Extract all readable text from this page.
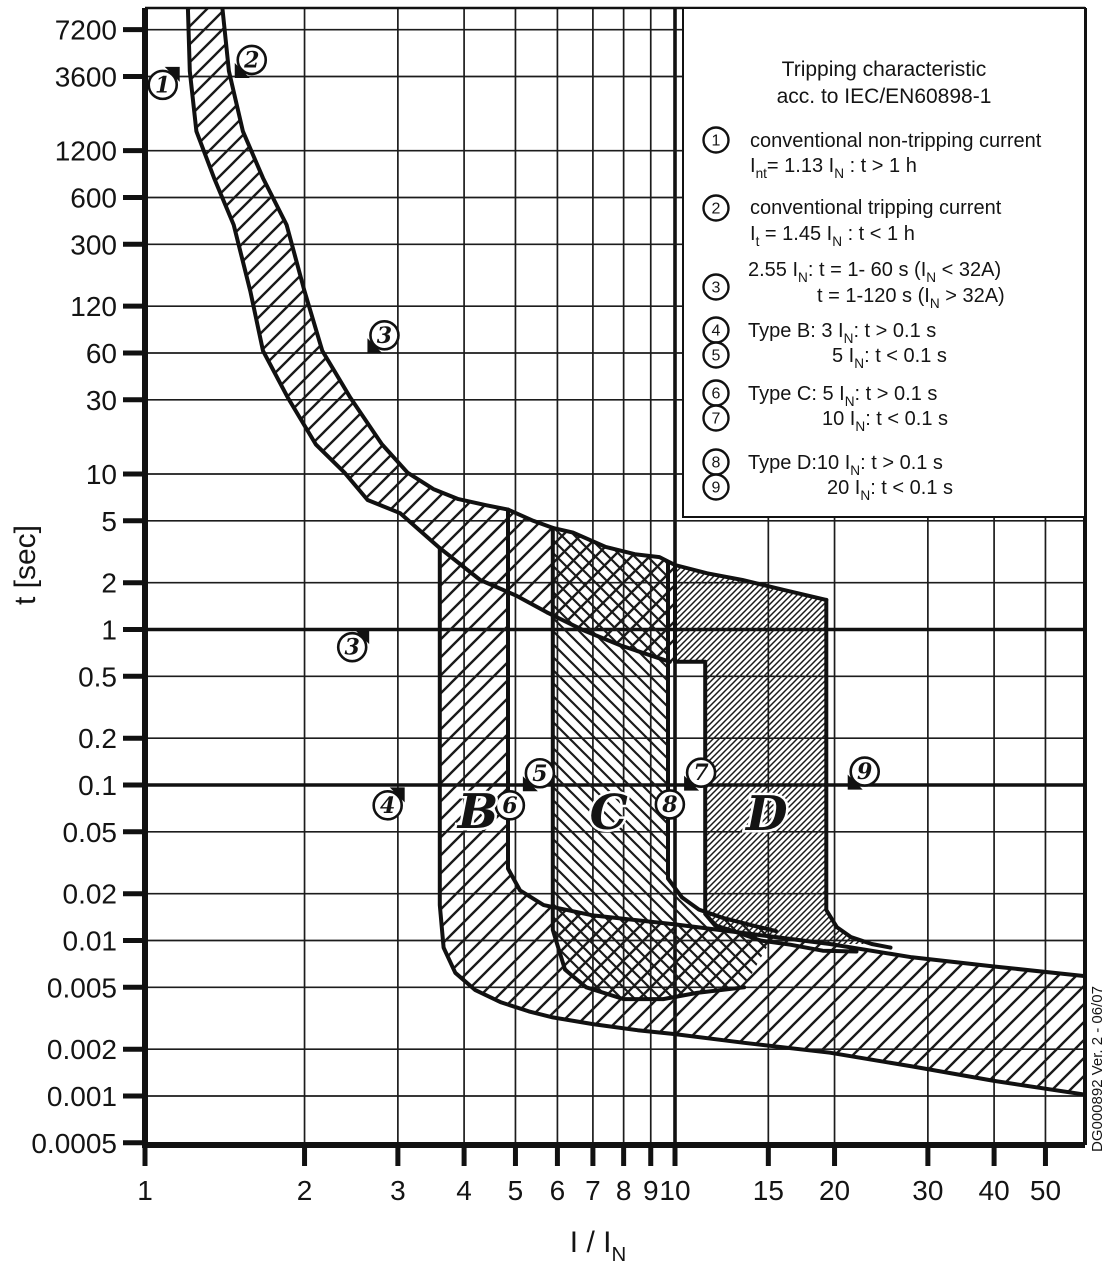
7200
3600
1200
600
300
120
60
30
10
5
2
1
0.5
0.2
0.1
0.05
0.02
0.01
0.005
0.002
0.001
0.0005
1	2	3 4 5 6 7 8 9 10 15 20 30 40 50
t [sec]
I / $I_N$
Tripping characteristic
acc. to IEC/EN60898-1
1 conventional non-tripping current
$I_{nt}= 1.13$ $I_N$ : t > 1 h
2 conventional tripping current
$I_t = 1.45$ $I_N$ : t < 1 h
3
2.55 $I_N$: t = 1- 60 s $(I_N < 32A)$
t = 1-120 s $(I_N > 32A)$
4 Type B: 3 $I_N$: t > 0.1 s
5	5 $I_N$: t < 0.1 s
6 Type C: 5 $I_N$: t > 0.1 s
7	10 $I_N$: t < 0.1 s
8 Type D:10 $I_N$: t > 0.1 s
9	20 $I_N$: t < 0.1 s
1
2
3
3
4
5
6
7
8
9
B C D
DG000892 Ver. 2 - 06/07
